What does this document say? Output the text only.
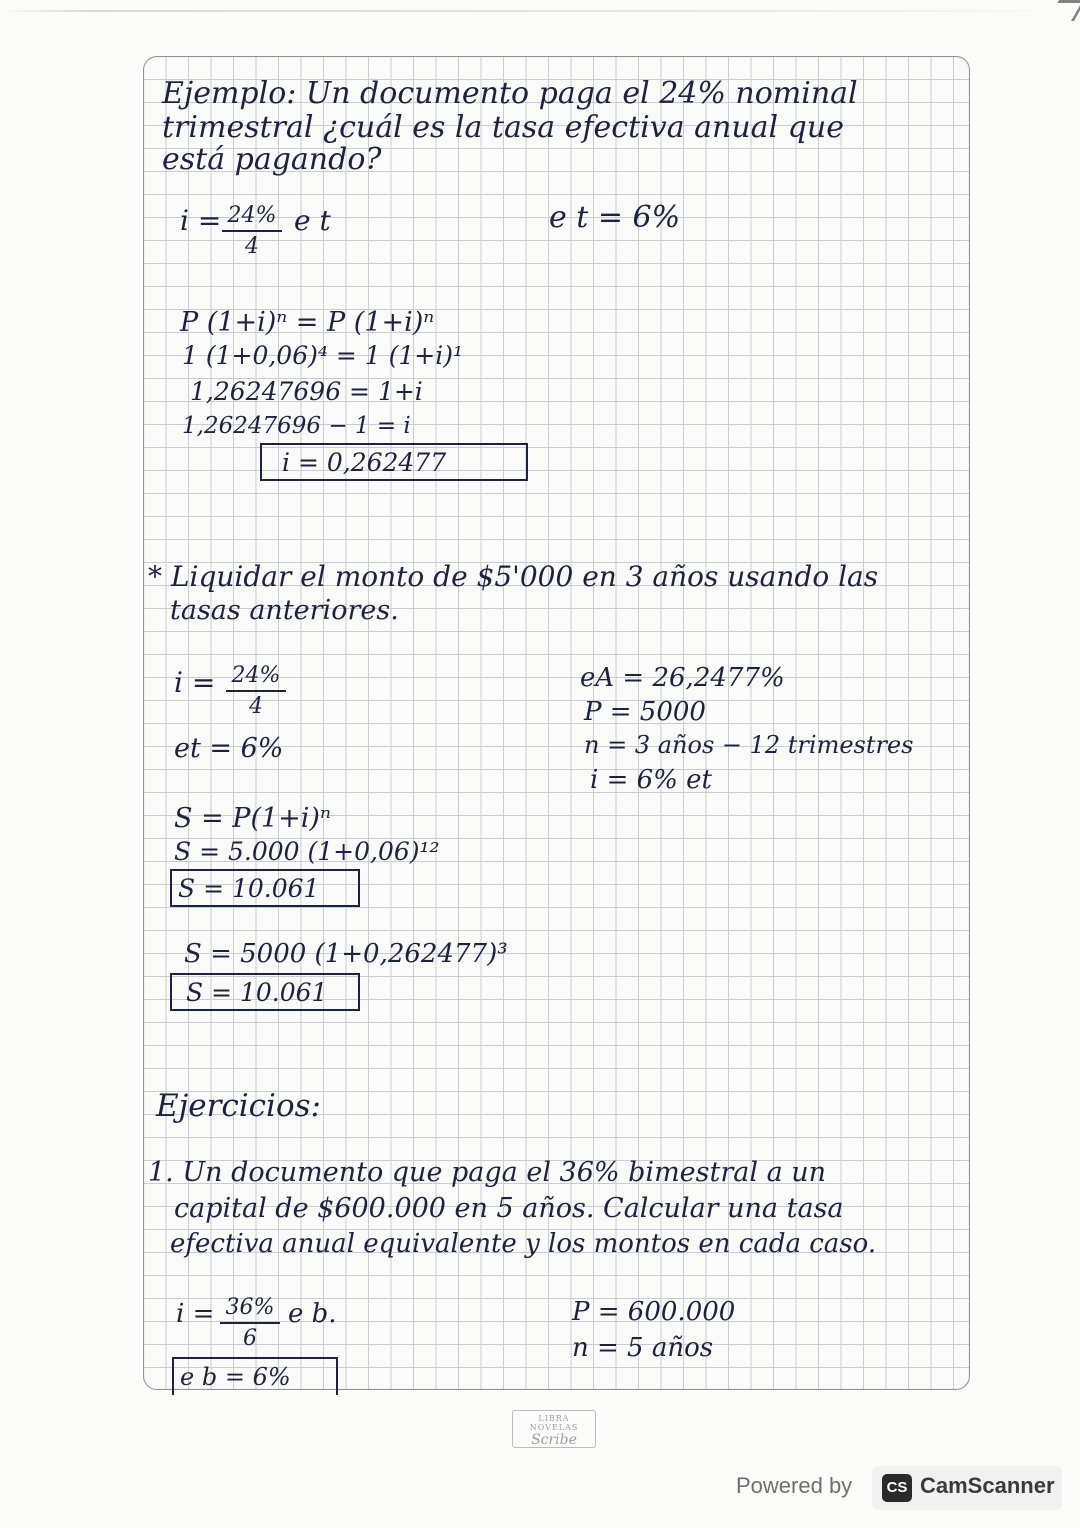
Ejemplo: Un documento paga el 24% nominal

trimestral ¿cuál es la tasa efectiva anual que

está pagando?

$i = \frac{24\%}{4}$ e t	e t = 6%

P (1+i)ⁿ = P (1+i)ⁿ

1 (1+0,06)⁴ = 1 (1+i)¹

1,26247696 = 1+i

1,26247696 − 1 = i

i = 0,262477

* Liquidar el monto de $5'000 en 3 años usando las

tasas anteriores.

$i = \frac{24\%}{4}$

et = 6%

eA = 26,2477%

P = 5000

n = 3 años − 12 trimestres

i = 6% et

S = P(1+i)ⁿ

S = 5.000 (1+0,06)¹²

S = 10.061

S = 5000 (1+0,262477)³

S = 10.061

Ejercicios:

1. Un documento que paga el 36% bimestral a un

capital de $600.000 en 5 años. Calcular una tasa

efectiva anual equivalente y los montos en cada caso.

$i = \frac{36\%}{6}$ e b.

e b = 6%

P = 600.000

n = 5 años

LIBRA NOVELAS
Scribe
Powered by	CS CamScanner
